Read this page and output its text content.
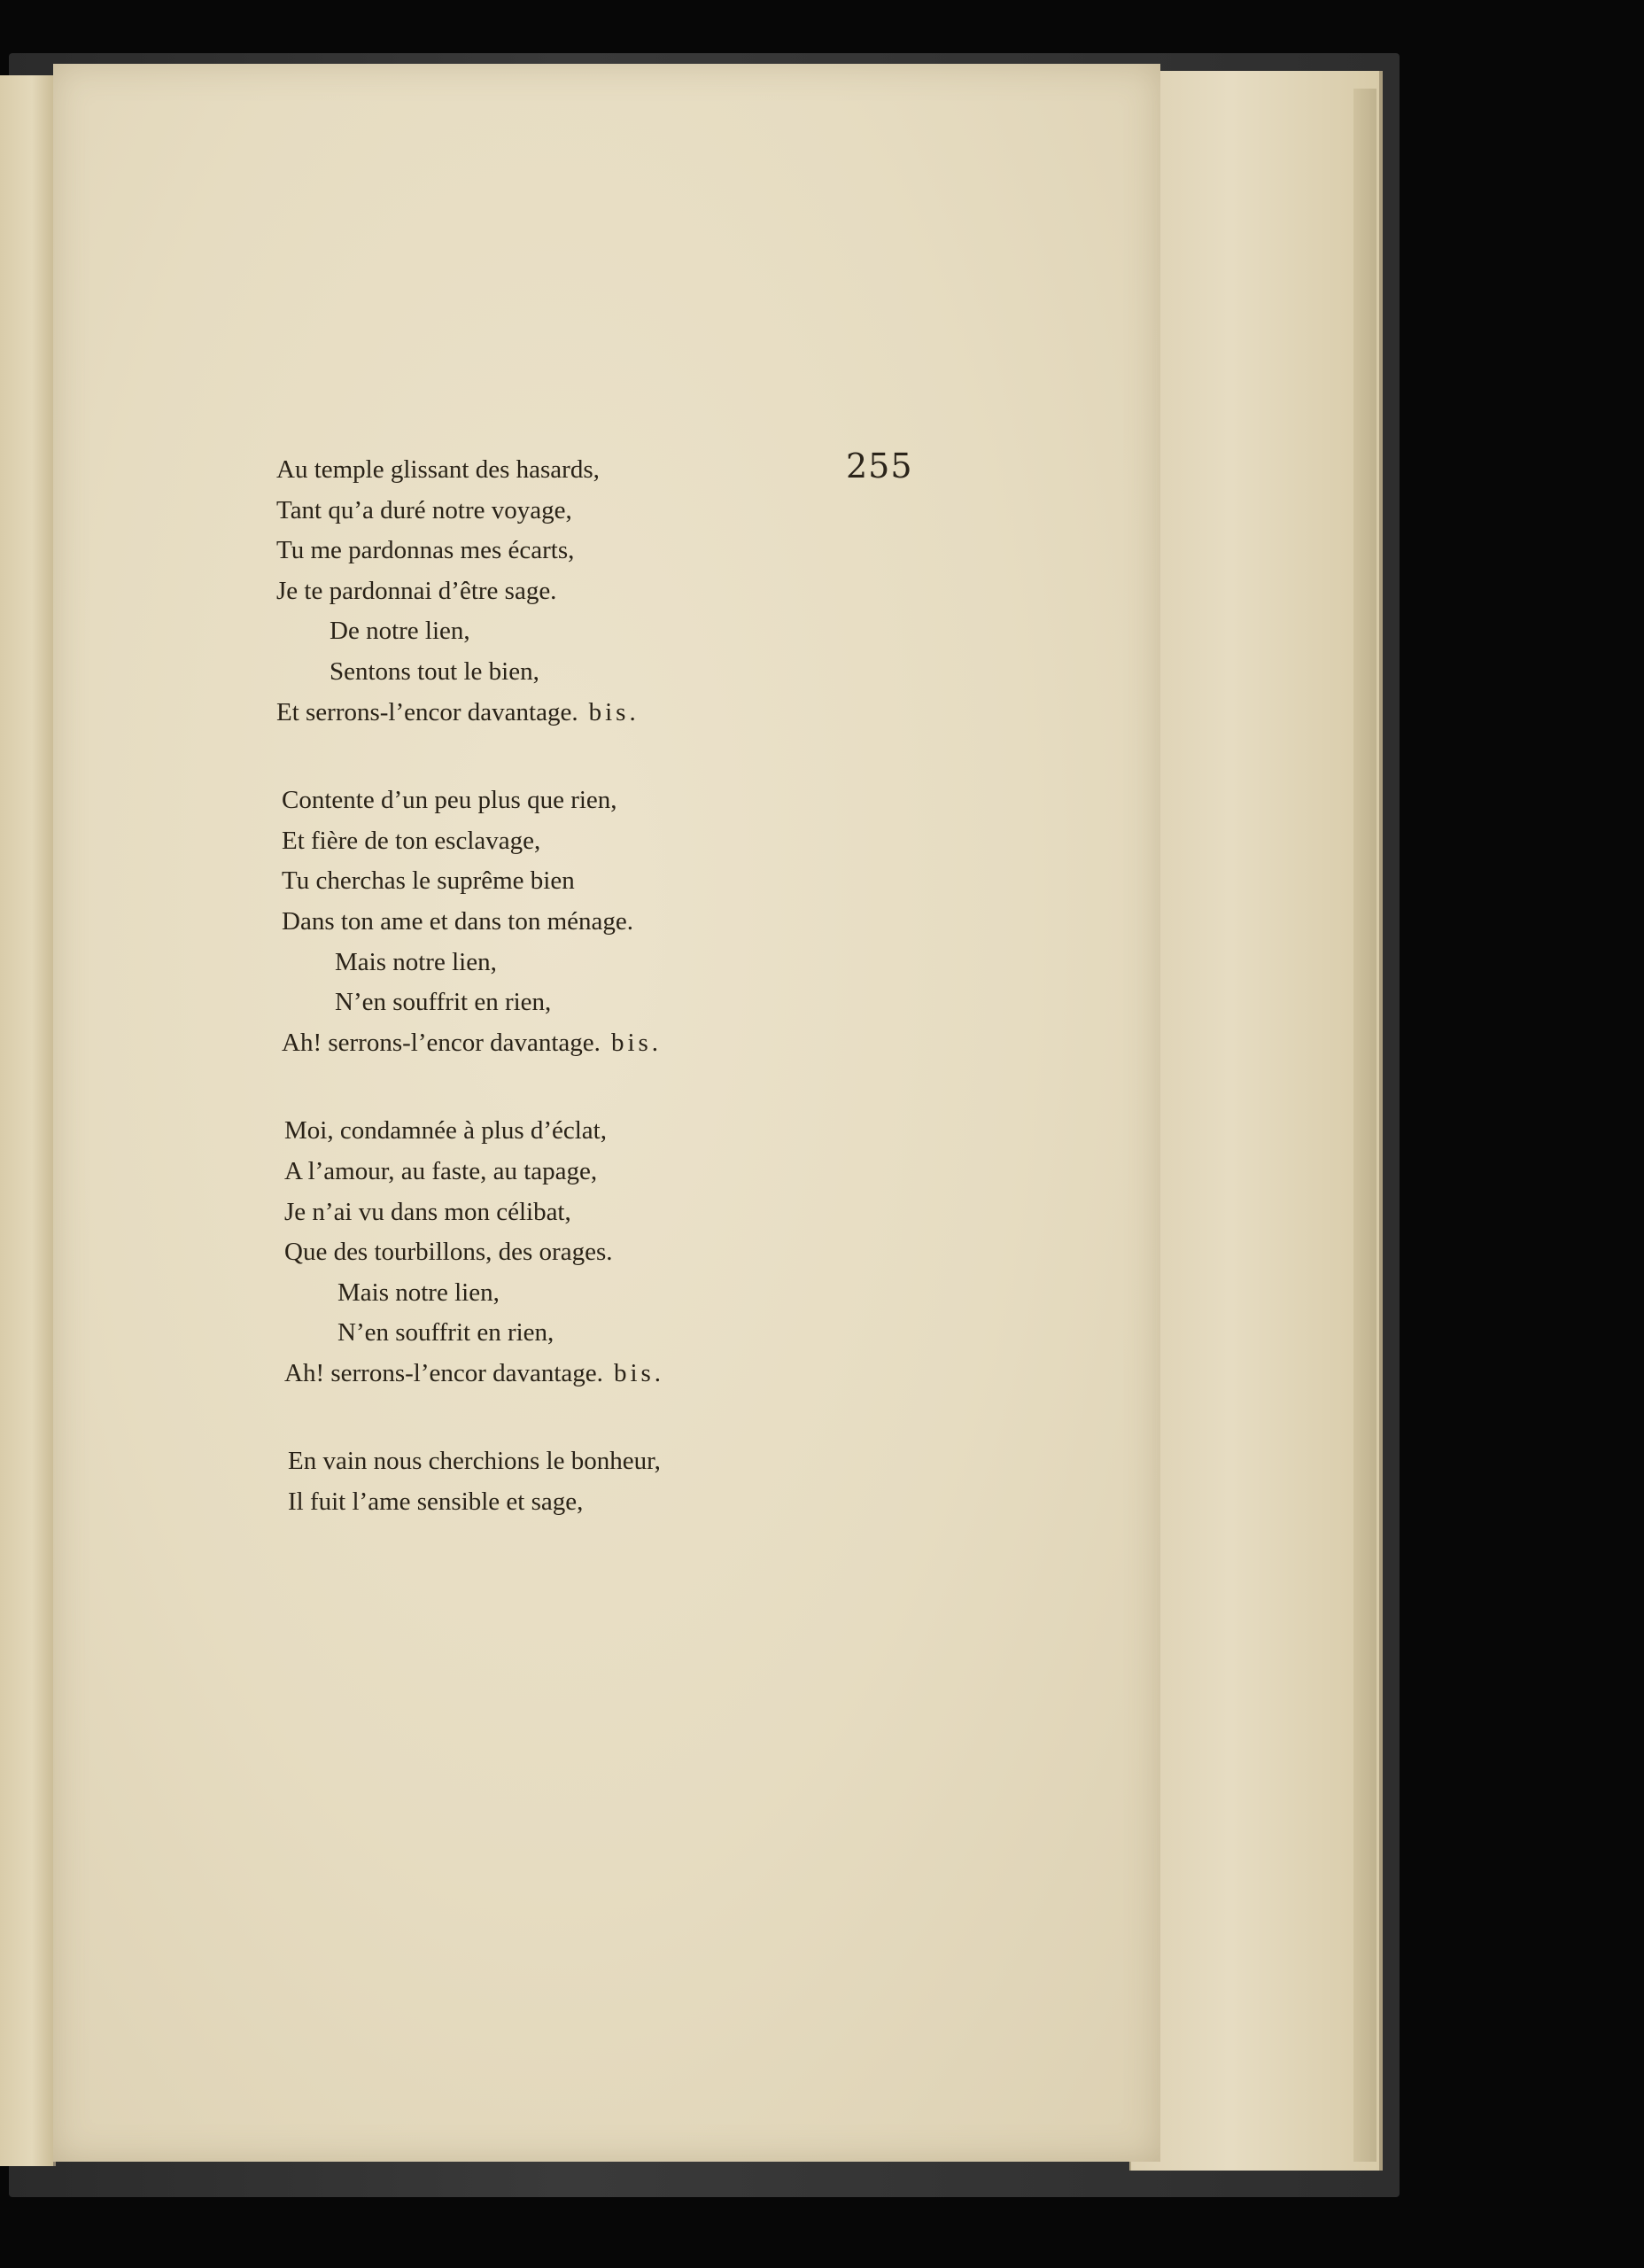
255
Au temple glissant des hasards,
Tant qu’a duré notre voyage,
Tu me pardonnas mes écarts,
Je te pardonnai d’être sage.
De notre lien,
Sentons tout le bien,
Et serrons-l’encor davantage. bis.
Contente d’un peu plus que rien,
Et fière de ton esclavage,
Tu cherchas le suprême bien
Dans ton ame et dans ton ménage.
Mais notre lien,
N’en souffrit en rien,
Ah! serrons-l’encor davantage. bis.
Moi, condamnée à plus d’éclat,
A l’amour, au faste, au tapage,
Je n’ai vu dans mon célibat,
Que des tourbillons, des orages.
Mais notre lien,
N’en souffrit en rien,
Ah! serrons-l’encor davantage. bis.
En vain nous cherchions le bonheur,
Il fuit l’ame sensible et sage,
